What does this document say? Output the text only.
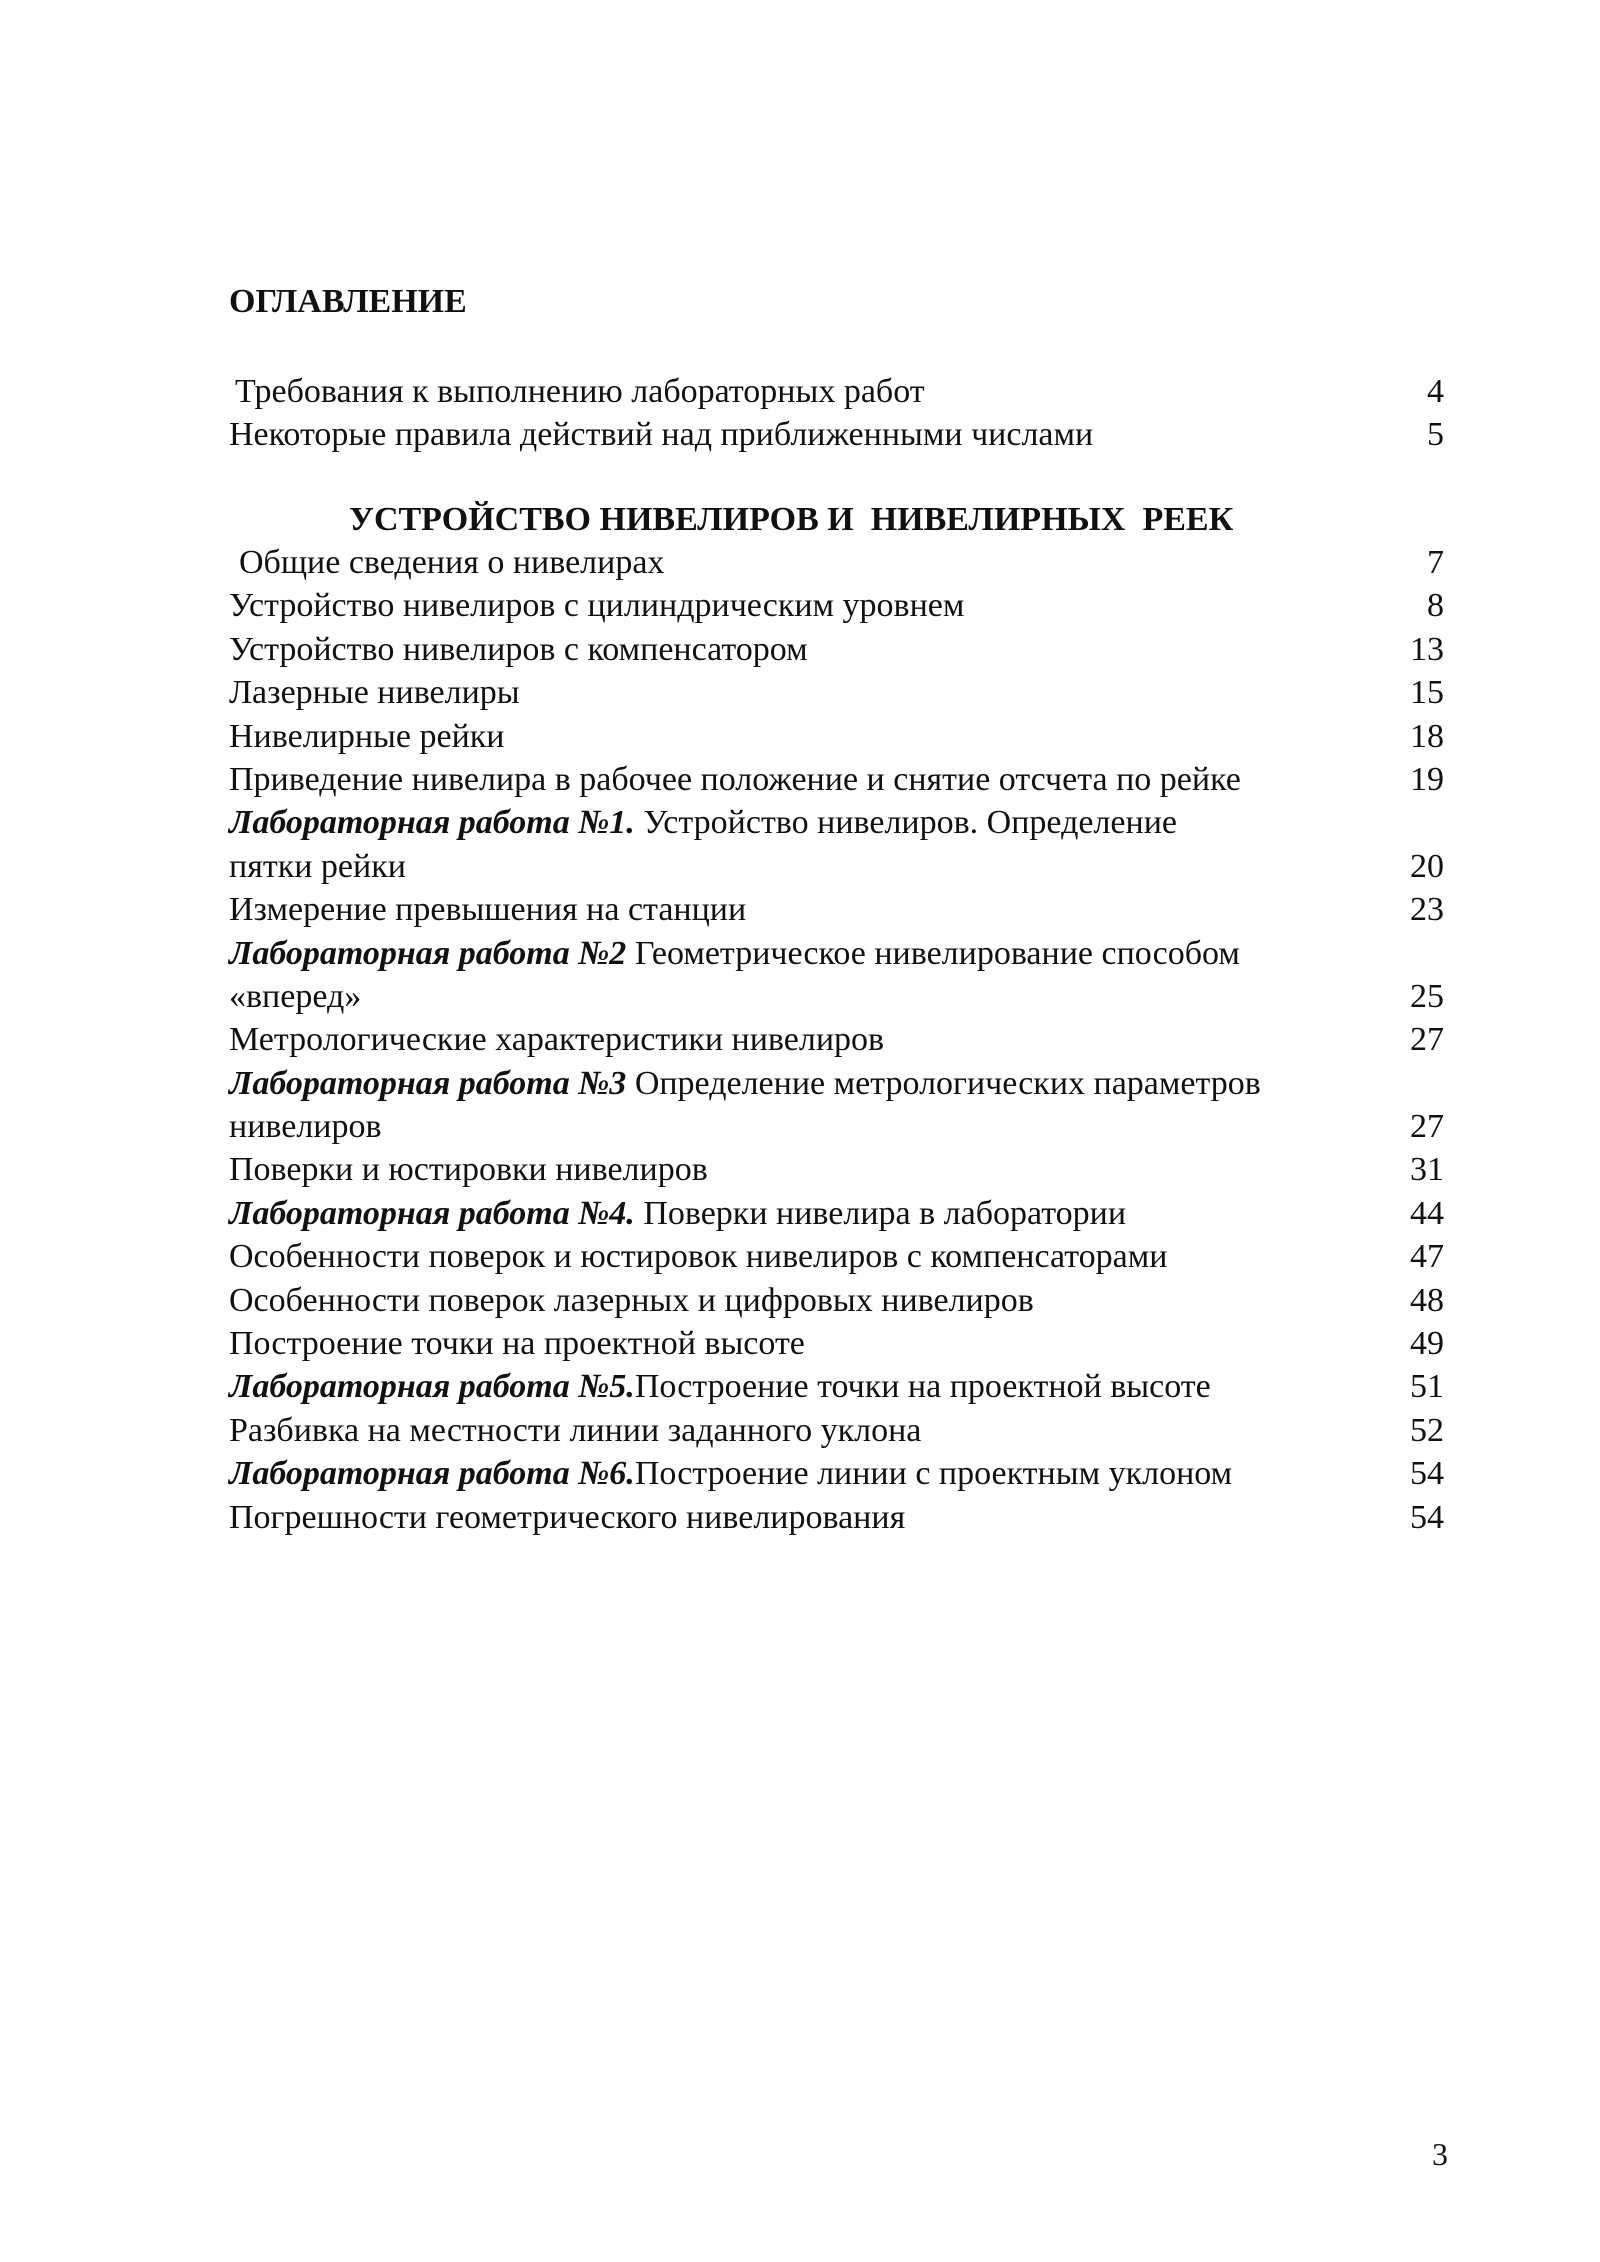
ОГЛАВЛЕНИЕ
Требования к выполнению лабораторных работ	4
Некоторые правила действий над приближенными числами	5
УСТРОЙСТВО НИВЕЛИРОВ И  НИВЕЛИРНЫХ  РЕЕК
Общие сведения о нивелирах	7
Устройство нивелиров с цилиндрическим уровнем	8
Устройство нивелиров с компенсатором	13
Лазерные нивелиры	15
Нивелирные рейки	18
Приведение нивелира в рабочее положение и снятие отсчета по рейке	19
Лабораторная работа №1. Устройство нивелиров. Определение
пятки рейки	20
Измерение превышения на станции	23
Лабораторная работа №2 Геометрическое нивелирование способом
«вперед»	25
Метрологические характеристики нивелиров	27
Лабораторная работа №3 Определение метрологических параметров
нивелиров	27
Поверки и юстировки нивелиров	31
Лабораторная работа №4. Поверки нивелира в лаборатории	44
Особенности поверок и юстировок нивелиров с компенсаторами	47
Особенности поверок лазерных и цифровых нивелиров	48
Построение точки на проектной высоте	49
Лабораторная работа №5.Построение точки на проектной высоте	51
Разбивка на местности линии заданного уклона	52
Лабораторная работа №6.Построение линии с проектным уклоном	54
Погрешности геометрического нивелирования	54
3
